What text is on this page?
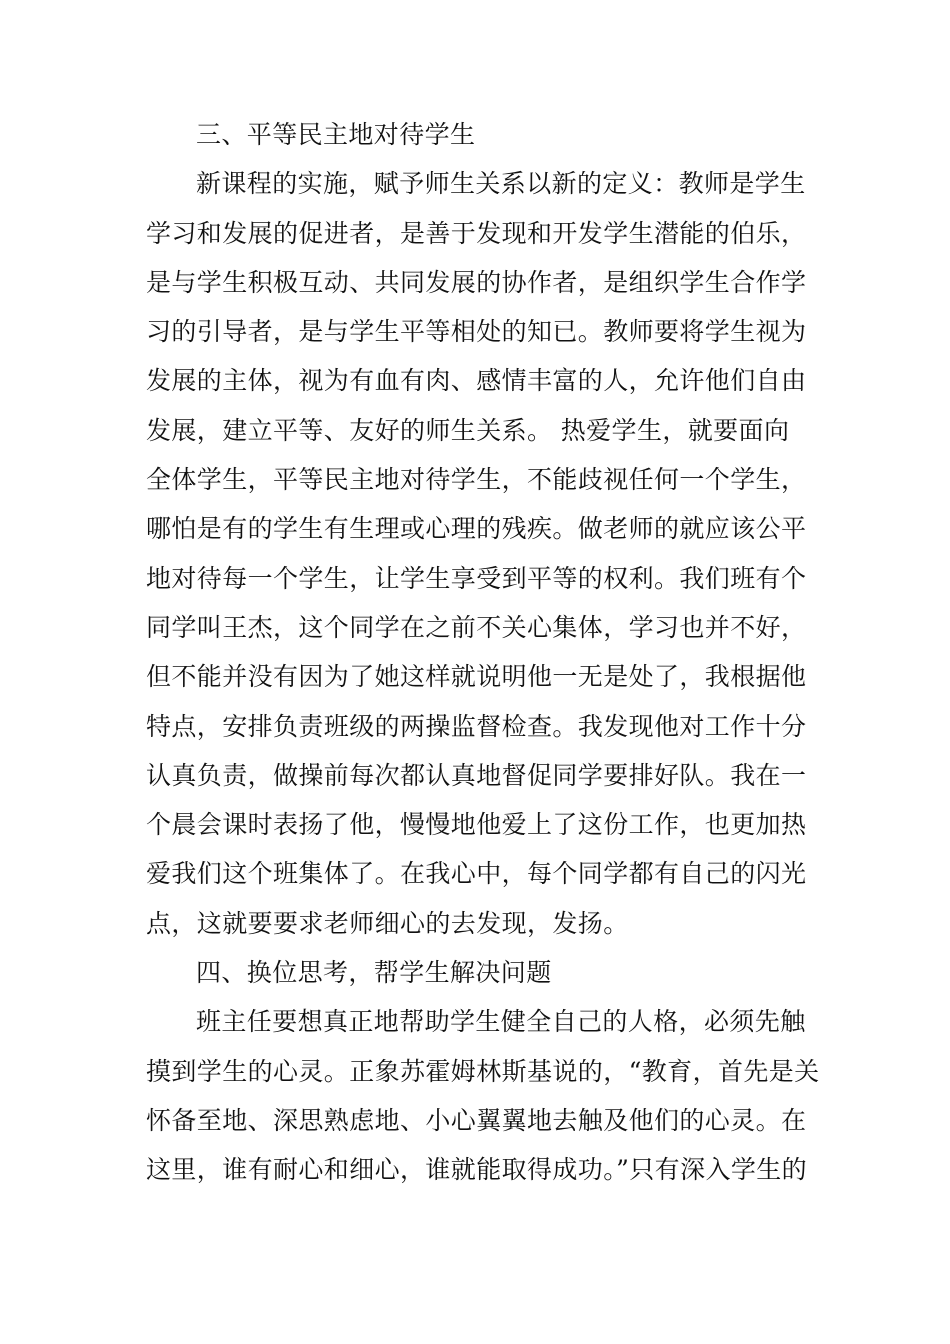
三、平等民主地对待学生
新课程的实施，赋予师生关系以新的定义：教师是学生
学习和发展的促进者，是善于发现和开发学生潜能的伯乐，
是与学生积极互动、共同发展的协作者，是组织学生合作学
习的引导者，是与学生平等相处的知已。教师要将学生视为
发展的主体，视为有血有肉、感情丰富的人，允许他们自由
发展，建立平等、友好的师生关系。 热爱学生，就要面向
全体学生，平等民主地对待学生，不能歧视任何一个学生，
哪怕是有的学生有生理或心理的残疾。做老师的就应该公平
地对待每一个学生，让学生享受到平等的权利。我们班有个
同学叫王杰，这个同学在之前不关心集体，学习也并不好，
但不能并没有因为了她这样就说明他一无是处了，我根据他
特点，安排负责班级的两操监督检查。我发现他对工作十分
认真负责，做操前每次都认真地督促同学要排好队。我在一
个晨会课时表扬了他，慢慢地他爱上了这份工作，也更加热
爱我们这个班集体了。在我心中，每个同学都有自己的闪光
点，这就要要求老师细心的去发现，发扬。
四、换位思考，帮学生解决问题
班主任要想真正地帮助学生健全自己的人格，必须先触
摸到学生的心灵。正象苏霍姆林斯基说的，“教育，首先是关
怀备至地、深思熟虑地、小心翼翼地去触及他们的心灵。在
这里，谁有耐心和细心，谁就能取得成功。”只有深入学生的
